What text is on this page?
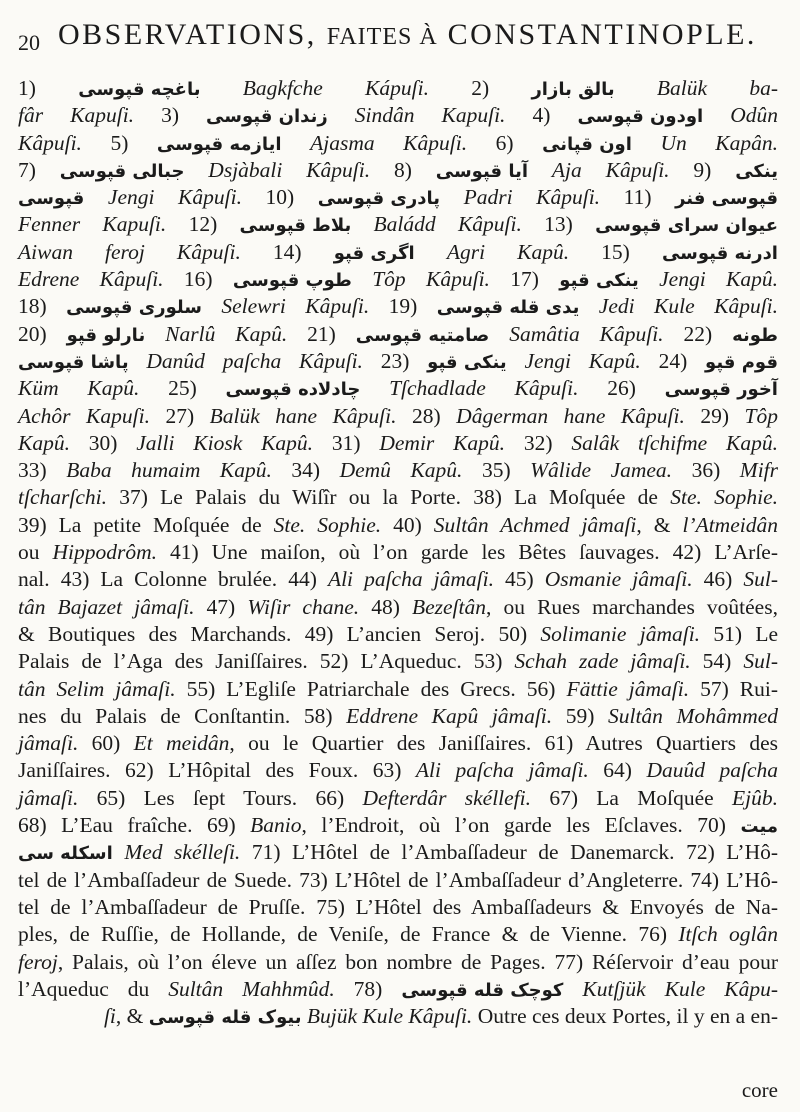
20 OBSERVATIONS, FAITES À CONSTANTINOPLE.
1) باغچه قپوسی Bagkfche Kápuſi. 2) بالق بازار Balük ba-
fâr Kapuſi. 3) زندان قپوسی Sindân Kapuſi. 4) اودون قپوسی Odûn
Kâpuſi. 5) ایازمه قپوسی Ajasma Kâpuſi. 6) اون قپانی Un Kapân.
7) جبالی قپوسی Dsjàbali Kâpuſi. 8) آیا قپوسی Aja Kâpuſi. 9) ینکی
قپوسی Jengi Kâpuſi. 10) پادری قپوسی Padri Kâpuſi. 11) قپوسی فنر
Fenner Kapuſi. 12) بلاط قپوسی Baládd Kâpuſi. 13) عیوان سرای قپوسی
Aiwan feroj Kâpuſi. 14) اگری قپو Agri Kapû. 15) ادرنه قپوسی
Edrene Kâpuſi. 16) طوپ قپوسی Tôp Kâpuſi. 17) ینکی قپو Jengi Kapû.
18) سلوری قپوسی Selewri Kâpuſi. 19) یدی قله قپوسی Jedi Kule Kâpuſi.
20) نارلو قپو Narlû Kapû. 21) صامتیه قپوسی Samâtia Kâpuſi. 22) طونه
پاشا قپوسی Danûd paſcha Kâpuſi. 23) ینکی قپو Jengi Kapû. 24) قوم قپو
Küm Kapû. 25) چادلاده قپوسی Tſchadlade Kâpuſi. 26) آخور قپوسی
Achôr Kapuſi. 27) Balük hane Kâpuſi. 28) Dâgerman hane Kâpuſi. 29) Tôp
Kapû. 30) Jalli Kiosk Kapû. 31) Demir Kapû. 32) Salâk tſchifme Kapû.
33) Baba humaim Kapû. 34) Demû Kapû. 35) Wâlide Jamea. 36) Mifr
tſcharſchi. 37) Le Palais du Wiſîr ou la Porte. 38) La Moſquée de Ste. Sophie.
39) La petite Moſquée de Ste. Sophie. 40) Sultân Achmed jâmaſi, & l’Atmeidân
ou Hippodrôm. 41) Une maiſon, où l’on garde les Bêtes ſauvages. 42) L’Arſe-
nal. 43) La Colonne brulée. 44) Ali paſcha jâmaſi. 45) Osmanie jâmaſi. 46) Sul-
tân Bajazet jâmaſi. 47) Wiſir chane. 48) Bezeſtân, ou Rues marchandes voûtées,
& Boutiques des Marchands. 49) L’ancien Seroj. 50) Solimanie jâmaſi. 51) Le
Palais de l’Aga des Janiſſaires. 52) L’Aqueduc. 53) Schah zade jâmaſi. 54) Sul-
tân Selim jâmaſi. 55) L’Egliſe Patriarchale des Grecs. 56) Fättie jâmaſi. 57) Rui-
nes du Palais de Conſtantin. 58) Eddrene Kapû jâmaſi. 59) Sultân Mohâmmed
jâmaſi. 60) Et meidân, ou le Quartier des Janiſſaires. 61) Autres Quartiers des
Janiſſaires. 62) L’Hôpital des Foux. 63) Ali paſcha jâmaſi. 64) Dauûd paſcha
jâmaſi. 65) Les ſept Tours. 66) Defterdâr skéllefi. 67) La Moſquée Ejûb.
68) L’Eau fraîche. 69) Banio, l’Endroit, où l’on garde les Eſclaves. 70) میت
اسکله سی Med skélleſi. 71) L’Hôtel de l’Ambaſſadeur de Danemarck. 72) L’Hô-
tel de l’Ambaſſadeur de Suede. 73) L’Hôtel de l’Ambaſſadeur d’Angleterre. 74) L’Hô-
tel de l’Ambaſſadeur de Pruſſe. 75) L’Hôtel des Ambaſſadeurs & Envoyés de Na-
ples, de Ruſſie, de Hollande, de Veniſe, de France & de Vienne. 76) Itſch oglân
feroj, Palais, où l’on éleve un aſſez bon nombre de Pages. 77) Réſervoir d’eau pour
l’Aqueduc du Sultân Mahhmûd. 78) کوچک قله قپوسی Kutſjük Kule Kâpu-
ſi, & بیوک قله قپوسی Bujük Kule Kâpuſi. Outre ces deux Portes, il y en a en-
core
